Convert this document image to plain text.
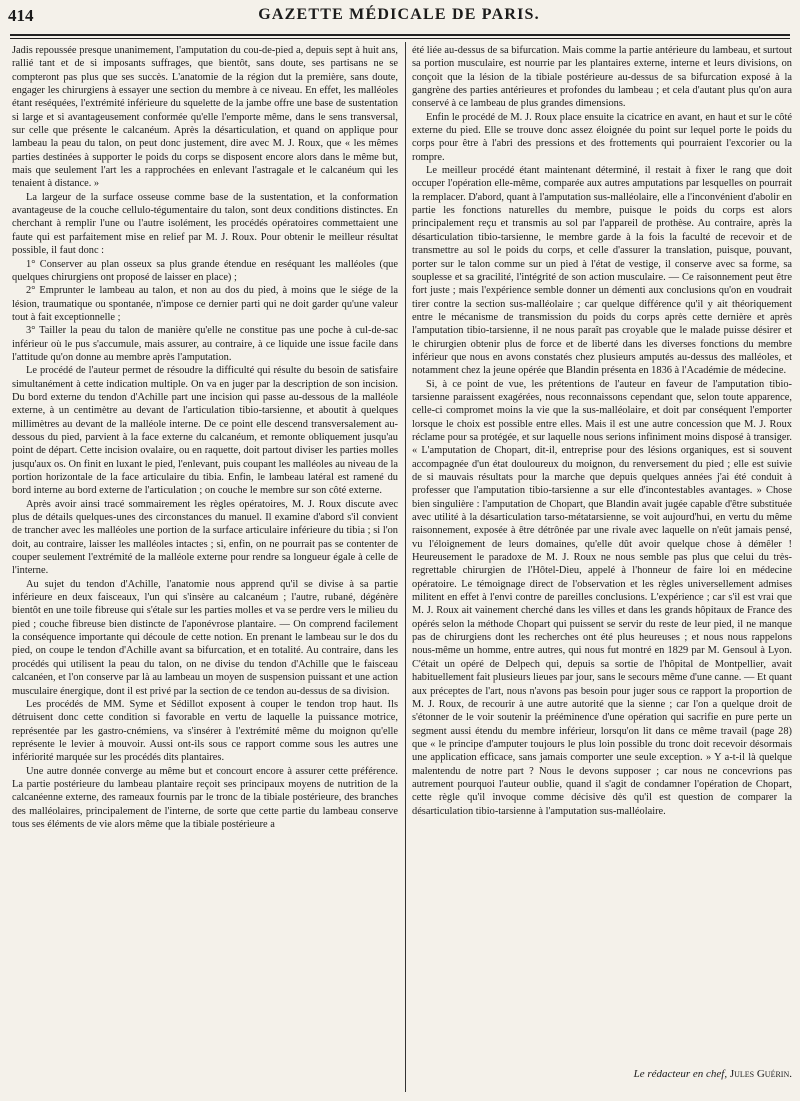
414	GAZETTE MÉDICALE DE PARIS.

Jadis repoussée presque unanimement, l'amputation du cou-de-pied a, depuis sept à huit ans, rallié tant et de si imposants suffrages, que bientôt, sans doute, ses partisans ne se compteront pas plus que ses succès. L'anatomie de la région dut la première, sans doute, engager les chirurgiens à essayer une section du membre à ce niveau. En effet, les malléoles étant reséquées, l'extrémité inférieure du squelette de la jambe offre une base de sustentation si large et si avantageusement conformée qu'elle l'emporte même, dans le sens transversal, sur celle que présente le calcanéum. Après la désarticulation, et quand on applique pour lambeau la peau du talon, on peut donc justement, dire avec M. J. Roux, que « les mêmes parties destinées à supporter le poids du corps se disposent encore alors dans le même but, mais que seulement l'art les a rapprochées en enlevant l'astragale et le calcanéum qui les tenaient à distance. »

La largeur de la surface osseuse comme base de la sustentation, et la conformation avantageuse de la couche cellulo-tégumentaire du talon, sont deux conditions distinctes. En cherchant à remplir l'une ou l'autre isolément, les procédés opératoires commettaient une faute qui est parfaitement mise en relief par M. J. Roux. Pour obtenir le meilleur résultat possible, il faut donc :

1° Conserver au plan osseux sa plus grande étendue en reséquant les malléoles (que quelques chirurgiens ont proposé de laisser en place) ;

2° Emprunter le lambeau au talon, et non au dos du pied, à moins que le siége de la lésion, traumatique ou spontanée, n'impose ce dernier parti qui ne doit garder qu'une valeur tout à fait exceptionnelle ;

3° Tailler la peau du talon de manière qu'elle ne constitue pas une poche à cul-de-sac inférieur où le pus s'accumule, mais assurer, au contraire, à ce liquide une issue facile dans l'attitude qu'on donne au membre après l'amputation.

Le procédé de l'auteur permet de résoudre la difficulté qui résulte du besoin de satisfaire simultanément à cette indication multiple. On va en juger par la description de son incision. Du bord externe du tendon d'Achille part une incision qui passe au-dessous de la malléole externe, à un centimètre au devant de l'articulation tibio-tarsienne, et aboutit à quelques millimètres au devant de la malléole interne. De ce point elle descend transversalement au-dessous du pied, parvient à la face externe du calcanéum, et remonte obliquement jusqu'au point de départ. Cette incision ovalaire, ou en raquette, doit partout diviser les parties molles jusqu'aux os. On finit en luxant le pied, l'enlevant, puis coupant les malléoles au niveau de la portion horizontale de la face articulaire du tibia. Enfin, le lambeau latéral est ramené du bord interne au bord externe de l'articulation ; on couche le membre sur son côté externe.

Après avoir ainsi tracé sommairement les règles opératoires, M. J. Roux discute avec plus de détails quelques-unes des circonstances du manuel. Il examine d'abord s'il convient de trancher avec les malléoles une portion de la surface articulaire inférieure du tibia ; si l'on doit, au contraire, laisser les malléoles intactes ; si, enfin, on ne pourrait pas se contenter de couper seulement l'extrémité de la malléole externe pour rendre sa longueur égale à celle de l'interne.

Au sujet du tendon d'Achille, l'anatomie nous apprend qu'il se divise à sa partie inférieure en deux faisceaux, l'un qui s'insère au calcanéum ; l'autre, rubané, dégénère bientôt en une toile fibreuse qui s'étale sur les parties molles et va se perdre vers le milieu du pied ; couche fibreuse bien distincte de l'aponévrose plantaire. — On comprend facilement la conséquence importante qui découle de cette notion. En prenant le lambeau sur le dos du pied, on coupe le tendon d'Achille avant sa bifurcation, et en totalité. Au contraire, dans les procédés qui utilisent la peau du talon, on ne divise du tendon d'Achille que le faisceau calcanéen, et l'on conserve par là au lambeau un moyen de suspension puissant et une action musculaire énergique, dont il est privé par la section de ce tendon au-dessus de sa division.

Les procédés de MM. Syme et Sédillot exposent à couper le tendon trop haut. Ils détruisent donc cette condition si favorable en vertu de laquelle la puissance motrice, représentée par les gastro-cnémiens, va s'insérer à l'extrémité même du moignon qu'elle représente le levier à mouvoir. Aussi ont-ils sous ce rapport comme sous les autres une infériorité marquée sur les procédés dits plantaires.

Une autre donnée converge au même but et concourt encore à assurer cette préférence. La partie postérieure du lambeau plantaire reçoit ses principaux moyens de nutrition de la calcanéenne externe, des rameaux fournis par le tronc de la tibiale postérieure, des branches des malléolaires, principalement de l'interne, de sorte que cette partie du lambeau conserve tous ses éléments de vie alors même que la tibiale postérieure a

été liée au-dessus de sa bifurcation. Mais comme la partie antérieure du lambeau, et surtout sa portion musculaire, est nourrie par les plantaires externe, interne et leurs divisions, on conçoit que la lésion de la tibiale postérieure au-dessus de sa bifurcation exposé à la gangrène des parties antérieures et profondes du lambeau ; et cela d'autant plus qu'on aura conservé à ce lambeau de plus grandes dimensions.

Enfin le procédé de M. J. Roux place ensuite la cicatrice en avant, en haut et sur le côté externe du pied. Elle se trouve donc assez éloignée du point sur lequel porte le poids du corps pour être à l'abri des pressions et des frottements qui pourraient l'excorier ou la rompre.

Le meilleur procédé étant maintenant déterminé, il restait à fixer le rang que doit occuper l'opération elle-même, comparée aux autres amputations par lesquelles on pourrait la remplacer. D'abord, quant à l'amputation sus-malléolaire, elle a l'inconvénient d'abolir en partie les fonctions naturelles du membre, puisque le poids du corps est alors principalement reçu et transmis au sol par l'appareil de prothèse. Au contraire, après la désarticulation tibio-tarsienne, le membre garde à la fois la faculté de recevoir et de transmettre au sol le poids du corps, et celle d'assurer la translation, puisque, pouvant, porter sur le talon comme sur un pied à l'état de vestige, il conserve avec sa forme, sa souplesse et sa gracilité, l'intégrité de son action musculaire. — Ce raisonnement peut être fort juste ; mais l'expérience semble donner un démenti aux conclusions qu'on en voudrait tirer contre la section sus-malléolaire ; car quelque différence qu'il y ait théoriquement entre le mécanisme de transmission du poids du corps après cette dernière et après l'amputation tibio-tarsienne, il ne nous paraît pas croyable que le malade puisse désirer et le chirurgien obtenir plus de force et de liberté dans les diverses fonctions du membre inférieur que nous en avons constatés chez plusieurs amputés au-dessus des malléoles, et notamment chez la jeune opérée que Blandin présenta en 1836 à l'Académie de médecine.

Si, à ce point de vue, les prétentions de l'auteur en faveur de l'amputation tibio-tarsienne paraissent exagérées, nous reconnaissons cependant que, selon toute apparence, celle-ci compromet moins la vie que la sus-malléolaire, et doit par conséquent l'emporter lorsque le choix est possible entre elles. Mais il est une autre concession que M. J. Roux réclame pour sa protégée, et sur laquelle nous serions infiniment moins disposé à transiger. « L'amputation de Chopart, dit-il, entreprise pour des lésions organiques, est si souvent accompagnée d'un état douloureux du moignon, du renversement du pied ; elle est suivie de si mauvais résultats pour la marche que depuis quelques années j'ai été conduit à professer que l'amputation tibio-tarsienne a sur elle d'incontestables avantages. » Chose bien singulière : l'amputation de Chopart, que Blandin avait jugée capable d'être substituée avec utilité à la désarticulation tarso-métatarsienne, se voit aujourd'hui, en vertu du même raisonnement, exposée à être détrônée par une rivale avec laquelle on n'eût jamais pensé, vu l'éloignement de leurs domaines, qu'elle dût avoir quelque chose à démêler ! Heureusement le paradoxe de M. J. Roux ne nous semble pas plus que celui du très-regrettable chirurgien de l'Hôtel-Dieu, appelé à l'honneur de faire loi en médecine opératoire. Le témoignage direct de l'observation et les règles universellement admises militent en effet à l'envi contre de pareilles conclusions. L'expérience ; car s'il est vrai que M. J. Roux ait vainement cherché dans les villes et dans les grands hôpitaux de France des opérés selon la méthode Chopart qui puissent se servir du reste de leur pied, il ne manque pas de chirurgiens dont les recherches ont été plus heureuses ; et nous nous rappelons nous-même un homme, entre autres, qui nous fut montré en 1829 par M. Gensoul à Lyon. C'était un opéré de Delpech qui, depuis sa sortie de l'hôpital de Montpellier, avait habituellement fait plusieurs lieues par jour, sans le secours même d'une canne. — Et quant aux préceptes de l'art, nous n'avons pas besoin pour juger sous ce rapport la proportion de M. J. Roux, de recourir à une autre autorité que la sienne ; car l'on a quelque droit de s'étonner de le voir soutenir la prééminence d'une opération qui sacrifie en pure perte un segment aussi étendu du membre inférieur, lorsqu'on lit dans ce même travail (page 28) que « le principe d'amputer toujours le plus loin possible du tronc doit recevoir désormais une application efficace, sans jamais comporter une seule exception. » Y a-t-il là quelque malentendu de notre part ? Nous le devons supposer ; car nous ne concevrions pas autrement pourquoi l'auteur oublie, quand il s'agit de condamner l'opération de Chopart, cette règle qu'il invoque comme décisive dès qu'il est question de comparer la désarticulation tibio-tarsienne à l'amputation sus-malléolaire.

Le rédacteur en chef, Jules Guérin.
